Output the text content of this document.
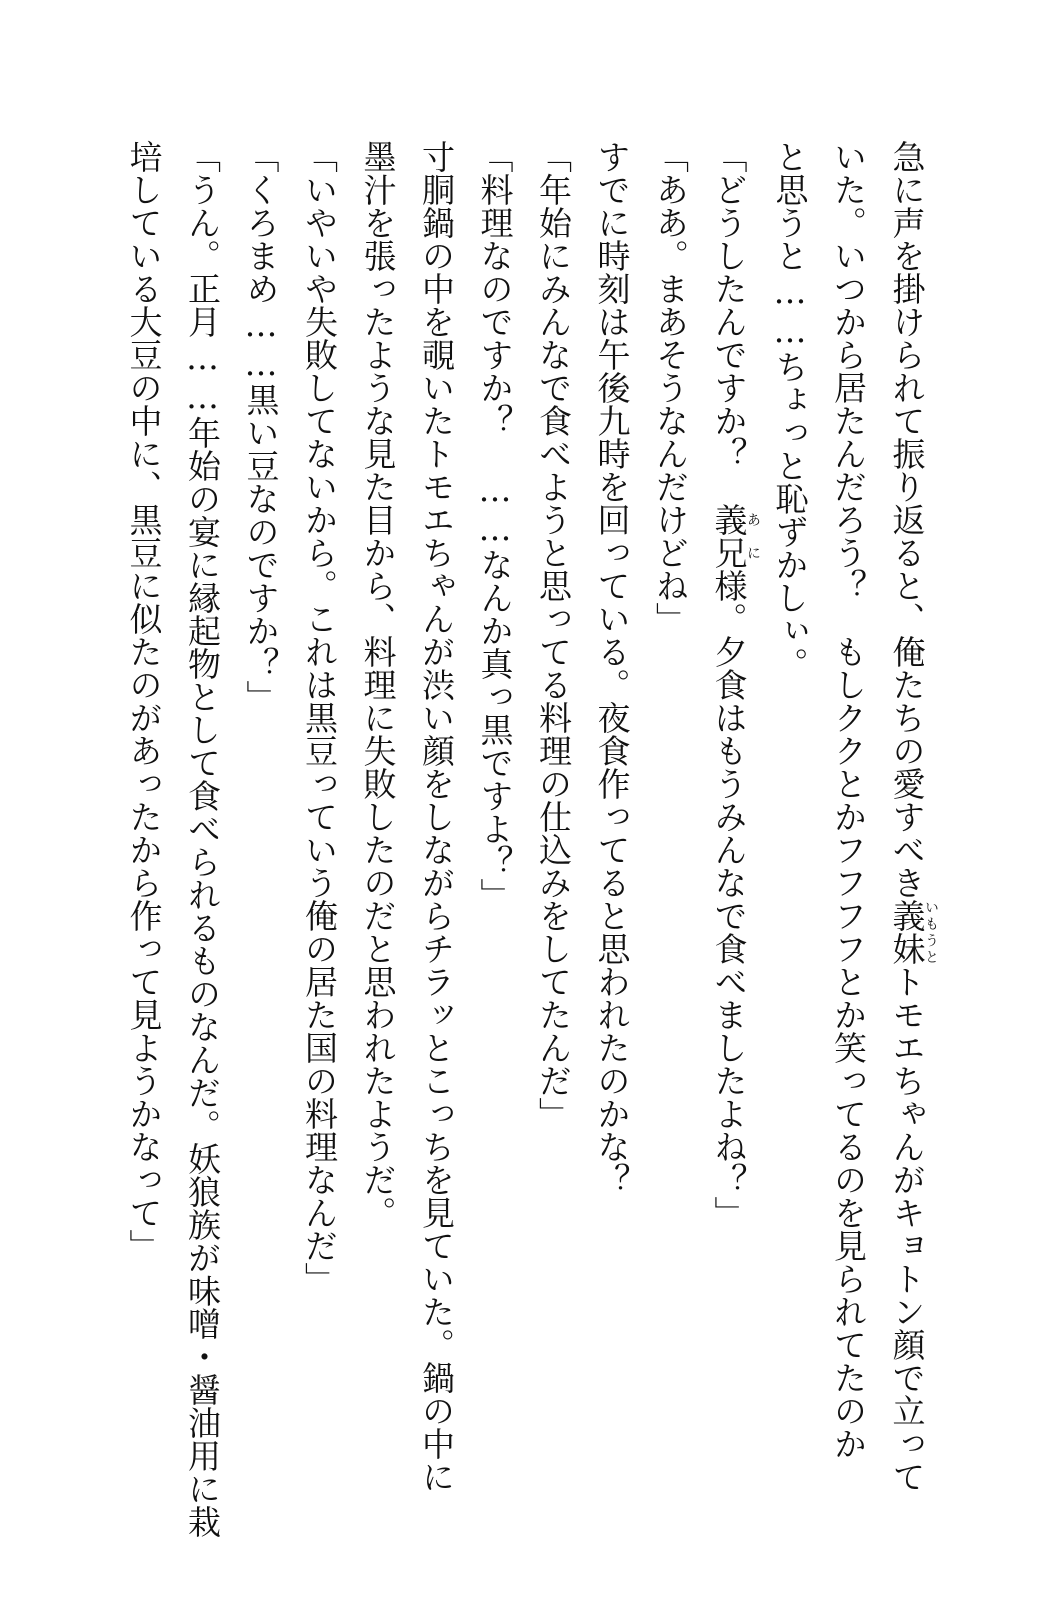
急に声を掛けられて振り返ると、俺たちの愛すべき義妹いもうとトモエちゃんがキョトン顔で立って
いた。いつから居たんだろう？　もしククとかフフフフとか笑ってるのを見られてたのか
と思うと……ちょっと恥ずかしぃ。
「どうしたんですか？　義兄あに様。夕食はもうみんなで食べましたよね？」
「ああ。まあそうなんだけどね」
すでに時刻は午後九時を回っている。夜食作ってると思われたのかな？
「年始にみんなで食べようと思ってる料理の仕込みをしてたんだ」
「料理なのですか？　……なんか真っ黒ですよ？」
寸胴鍋の中を覗いたトモエちゃんが渋い顔をしながらチラッとこっちを見ていた。鍋の中に
墨汁を張ったような見た目から、料理に失敗したのだと思われたようだ。
「いやいや失敗してないから。これは黒豆っていう俺の居た国の料理なんだ」
「くろまめ……黒い豆なのですか？」
「うん。正月……年始の宴に縁起物として食べられるものなんだ。妖狼族が味噌・醤油用に栽
培している大豆の中に、黒豆に似たのがあったから作って見ようかなって」
